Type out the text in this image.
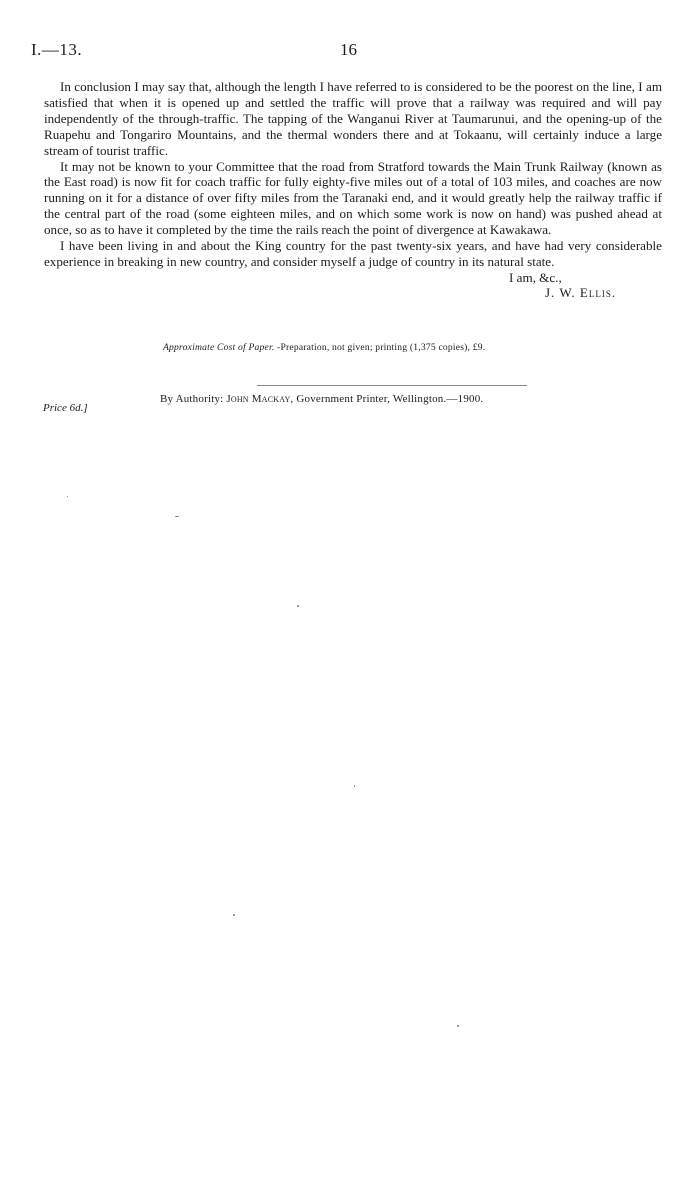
I.—13.	16

In conclusion I may say that, although the length I have referred to is considered to be the poorest on the line, I am satisfied that when it is opened up and settled the traffic will prove that a railway was required and will pay independently of the through-traffic. The tapping of the Wanganui River at Taumarunui, and the opening-up of the Ruapehu and Tongariro Mountains, and the thermal wonders there and at Tokaanu, will certainly induce a large stream of tourist traffic.

It may not be known to your Committee that the road from Stratford towards the Main Trunk Railway (known as the East road) is now fit for coach traffic for fully eighty-five miles out of a total of 103 miles, and coaches are now running on it for a distance of over fifty miles from the Taranaki end, and it would greatly help the railway traffic if the central part of the road (some eighteen miles, and on which some work is now on hand) was pushed ahead at once, so as to have it completed by the time the rails reach the point of divergence at Kawakawa.

I have been living in and about the King country for the past twenty-six years, and have had very considerable experience in breaking in new country, and consider myself a judge of country in its natural state.

I am, &c.,
J. W. Ellis.
Approximate Cost of Paper. -Preparation, not given; printing (1,375 copies), £9.
By Authority: John Mackay, Government Printer, Wellington.—1900.
Price 6d.]
